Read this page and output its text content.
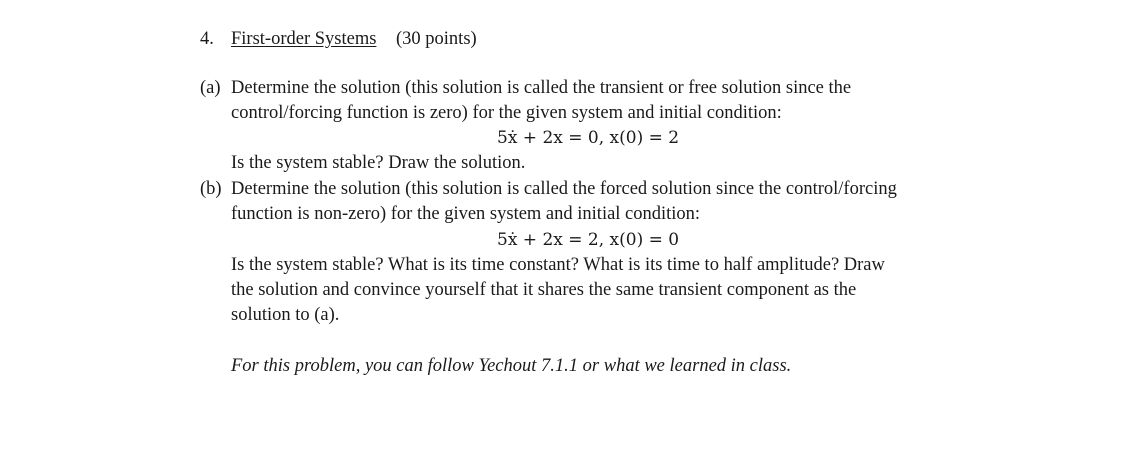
4. First-order Systems (30 points)
(a) Determine the solution (this solution is called the transient or free solution since the
control/forcing function is zero) for the given system and initial condition:
5ẋ + 2x = 0, x(0) = 2
Is the system stable? Draw the solution.
(b) Determine the solution (this solution is called the forced solution since the control/forcing
function is non-zero) for the given system and initial condition:
5ẋ + 2x = 2, x(0) = 0
Is the system stable? What is its time constant? What is its time to half amplitude? Draw
the solution and convince yourself that it shares the same transient component as the
solution to (a).
For this problem, you can follow Yechout 7.1.1 or what we learned in class.
